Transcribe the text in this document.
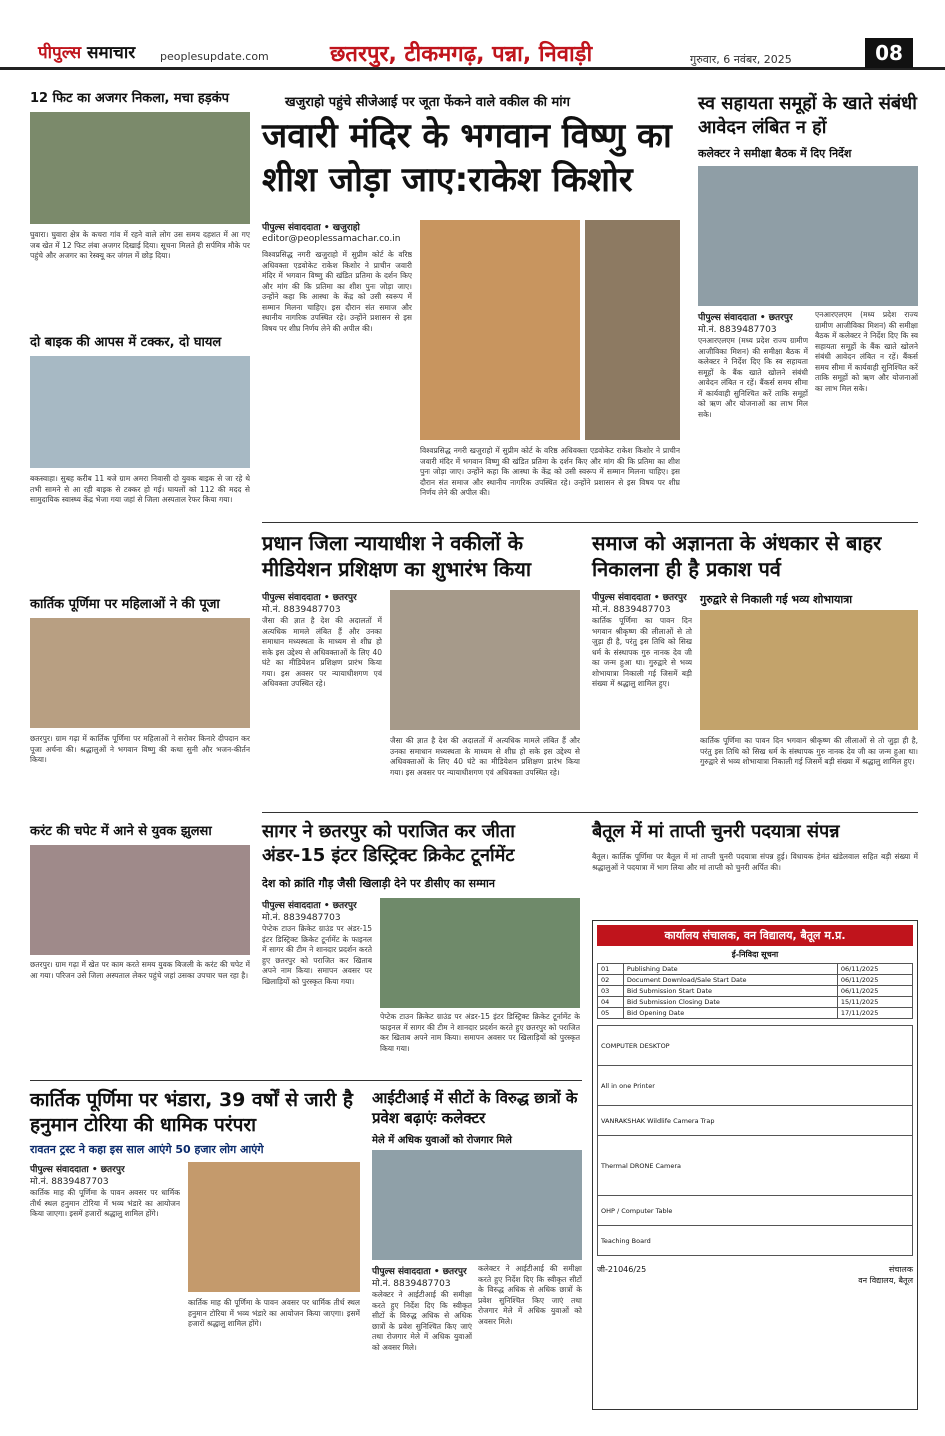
पीपुल्स समाचार peoplesupdate.com	छतरपुर, टीकमगढ़, पन्ना, निवाड़ी	गुरुवार, 6 नवंबर, 2025	08
12 फिट का अजगर निकला, मचा हड़कंप
घुवारा। घुवारा क्षेत्र के कचरा गांव में रहने वाले लोग उस समय दहशत में आ गए जब खेत में 12 फिट लंबा अजगर दिखाई दिया। सूचना मिलते ही सर्पमित्र मौके पर पहुंचे और अजगर का रेस्क्यू कर जंगल में छोड़ दिया।
दो बाइक की आपस में टक्कर, दो घायल
बकस्वाहा। सुबह करीब 11 बजे ग्राम अमरा निवासी दो युवक बाइक से जा रहे थे तभी सामने से आ रही बाइक से टक्कर हो गई। घायलों को 112 की मदद से सामुदायिक स्वास्थ्य केंद्र भेजा गया जहां से जिला अस्पताल रेफर किया गया।
कार्तिक पूर्णिमा पर महिलाओं ने की पूजा
छतरपुर। ग्राम गढ़ा में कार्तिक पूर्णिमा पर महिलाओं ने सरोवर किनारे दीपदान कर पूजा अर्चना की। श्रद्धालुओं ने भगवान विष्णु की कथा सुनी और भजन-कीर्तन किया।
करंट की चपेट में आने से युवक झुलसा
छतरपुर। ग्राम गढ़ा में खेत पर काम करते समय युवक बिजली के करंट की चपेट में आ गया। परिजन उसे जिला अस्पताल लेकर पहुंचे जहां उसका उपचार चल रहा है।
खजुराहो पहुंचे सीजेआई पर जूता फेंकने वाले वकील की मांग
जवारी मंदिर के भगवान विष्णु का शीश जोड़ा जाए:राकेश किशोर
पीपुल्स संवाददाता • खजुराहो
editor@peoplessamachar.co.in
विश्वप्रसिद्ध नगरी खजुराहो में सुप्रीम कोर्ट के वरिष्ठ अधिवक्ता एडवोकेट राकेश किशोर ने प्राचीन जवारी मंदिर में भगवान विष्णु की खंडित प्रतिमा के दर्शन किए और मांग की कि प्रतिमा का शीश पुनः जोड़ा जाए। उन्होंने कहा कि आस्था के केंद्र को उसी स्वरूप में सम्मान मिलना चाहिए। इस दौरान संत समाज और स्थानीय नागरिक उपस्थित रहे। उन्होंने प्रशासन से इस विषय पर शीघ्र निर्णय लेने की अपील की।
विश्वप्रसिद्ध नगरी खजुराहो में सुप्रीम कोर्ट के वरिष्ठ अधिवक्ता एडवोकेट राकेश किशोर ने प्राचीन जवारी मंदिर में भगवान विष्णु की खंडित प्रतिमा के दर्शन किए और मांग की कि प्रतिमा का शीश पुनः जोड़ा जाए। उन्होंने कहा कि आस्था के केंद्र को उसी स्वरूप में सम्मान मिलना चाहिए। इस दौरान संत समाज और स्थानीय नागरिक उपस्थित रहे। उन्होंने प्रशासन से इस विषय पर शीघ्र निर्णय लेने की अपील की।
स्व सहायता समूहों के खाते संबंधी आवेदन लंबित न हों
कलेक्टर ने समीक्षा बैठक में दिए निर्देश
पीपुल्स संवाददाता • छतरपुर
मो.नं. 8839487703
एनआरएलएम (मध्य प्रदेश राज्य ग्रामीण आजीविका मिशन) की समीक्षा बैठक में कलेक्टर ने निर्देश दिए कि स्व सहायता समूहों के बैंक खाते खोलने संबंधी आवेदन लंबित न रहें। बैंकर्स समय सीमा में कार्यवाही सुनिश्चित करें ताकि समूहों को ऋण और योजनाओं का लाभ मिल सके।
एनआरएलएम (मध्य प्रदेश राज्य ग्रामीण आजीविका मिशन) की समीक्षा बैठक में कलेक्टर ने निर्देश दिए कि स्व सहायता समूहों के बैंक खाते खोलने संबंधी आवेदन लंबित न रहें। बैंकर्स समय सीमा में कार्यवाही सुनिश्चित करें ताकि समूहों को ऋण और योजनाओं का लाभ मिल सके।
प्रधान जिला न्यायाधीश ने वकीलों के मीडियेशन प्रशिक्षण का शुभारंभ किया
पीपुल्स संवाददाता • छतरपुर
मो.नं. 8839487703
जैसा की ज्ञात है देश की अदालतों में अत्यधिक मामले लंबित हैं और उनका समाधान मध्यस्थता के माध्यम से शीघ्र हो सके इस उद्देश्य से अधिवक्ताओं के लिए 40 घंटे का मीडियेशन प्रशिक्षण प्रारंभ किया गया। इस अवसर पर न्यायाधीशगण एवं अधिवक्ता उपस्थित रहे।
जैसा की ज्ञात है देश की अदालतों में अत्यधिक मामले लंबित हैं और उनका समाधान मध्यस्थता के माध्यम से शीघ्र हो सके इस उद्देश्य से अधिवक्ताओं के लिए 40 घंटे का मीडियेशन प्रशिक्षण प्रारंभ किया गया। इस अवसर पर न्यायाधीशगण एवं अधिवक्ता उपस्थित रहे।
समाज को अज्ञानता के अंधकार से बाहर निकालना ही है प्रकाश पर्व
पीपुल्स संवाददाता • छतरपुर
मो.नं. 8839487703
कार्तिक पूर्णिमा का पावन दिन भगवान श्रीकृष्ण की लीलाओं से तो जुड़ा ही है, परंतु इस तिथि को सिख धर्म के संस्थापक गुरु नानक देव जी का जन्म हुआ था। गुरुद्वारे से भव्य शोभायात्रा निकाली गई जिसमें बड़ी संख्या में श्रद्धालु शामिल हुए।
गुरुद्वारे से निकाली गई भव्य शोभायात्रा
कार्तिक पूर्णिमा का पावन दिन भगवान श्रीकृष्ण की लीलाओं से तो जुड़ा ही है, परंतु इस तिथि को सिख धर्म के संस्थापक गुरु नानक देव जी का जन्म हुआ था। गुरुद्वारे से भव्य शोभायात्रा निकाली गई जिसमें बड़ी संख्या में श्रद्धालु शामिल हुए।
सागर ने छतरपुर को पराजित कर जीता अंडर-15 इंटर डिस्ट्रिक्ट क्रिकेट टूर्नामेंट
देश को क्रांति गौड़ जैसी खिलाड़ी देने पर डीसीए का सम्मान
पीपुल्स संवाददाता • छतरपुर
मो.नं. 8839487703
पेप्टेक टाउन क्रिकेट ग्राउंड पर अंडर-15 इंटर डिस्ट्रिक्ट क्रिकेट टूर्नामेंट के फाइनल में सागर की टीम ने शानदार प्रदर्शन करते हुए छतरपुर को पराजित कर खिताब अपने नाम किया। समापन अवसर पर खिलाड़ियों को पुरस्कृत किया गया।
पेप्टेक टाउन क्रिकेट ग्राउंड पर अंडर-15 इंटर डिस्ट्रिक्ट क्रिकेट टूर्नामेंट के फाइनल में सागर की टीम ने शानदार प्रदर्शन करते हुए छतरपुर को पराजित कर खिताब अपने नाम किया। समापन अवसर पर खिलाड़ियों को पुरस्कृत किया गया।
बैतूल में मां ताप्ती चुनरी पदयात्रा संपन्न
बैतूल। कार्तिक पूर्णिमा पर बैतूल में मां ताप्ती चुनरी पदयात्रा संपन्न हुई। विधायक हेमंत खंडेलवाल सहित बड़ी संख्या में श्रद्धालुओं ने पदयात्रा में भाग लिया और मां ताप्ती को चुनरी अर्पित की।
कार्यालय संचालक, वन विद्यालय, बैतूल म.प्र.
ई-निविदा सूचना
01	Publishing Date	06/11/2025
02	Document Download/Sale Start Date	06/11/2025
03	Bid Submission Start Date	06/11/2025
04	Bid Submission Closing Date	15/11/2025
05	Bid Opening Date	17/11/2025
COMPUTER DESKTOP
All in one Printer
VANRAKSHAK Wildlife Camera Trap
Thermal DRONE Camera
OHP / Computer Table
Teaching Board
जी-21046/25	संचालक
वन विद्यालय, बैतूल
कार्तिक पूर्णिमा पर भंडारा, 39 वर्षों से जारी है हनुमान टोरिया की धामिक परंपरा
रावतन ट्रस्ट ने कहा इस साल आएंगे 50 हजार लोग आएंगे
पीपुल्स संवाददाता • छतरपुर
मो.नं. 8839487703
कार्तिक माह की पूर्णिमा के पावन अवसर पर धार्मिक तीर्थ स्थल हनुमान टोरिया में भव्य भंडारे का आयोजन किया जाएगा। इसमें हजारों श्रद्धालु शामिल होंगे।
कार्तिक माह की पूर्णिमा के पावन अवसर पर धार्मिक तीर्थ स्थल हनुमान टोरिया में भव्य भंडारे का आयोजन किया जाएगा। इसमें हजारों श्रद्धालु शामिल होंगे।
आईटीआई में सीटों के विरुद्ध छात्रों के प्रवेश बढ़ाएंः कलेक्टर
मेले में अधिक युवाओं को रोजगार मिले
पीपुल्स संवाददाता • छतरपुर
मो.नं. 8839487703
कलेक्टर ने आईटीआई की समीक्षा करते हुए निर्देश दिए कि स्वीकृत सीटों के विरुद्ध अधिक से अधिक छात्रों के प्रवेश सुनिश्चित किए जाएं तथा रोजगार मेले में अधिक युवाओं को अवसर मिले।
कलेक्टर ने आईटीआई की समीक्षा करते हुए निर्देश दिए कि स्वीकृत सीटों के विरुद्ध अधिक से अधिक छात्रों के प्रवेश सुनिश्चित किए जाएं तथा रोजगार मेले में अधिक युवाओं को अवसर मिले।
